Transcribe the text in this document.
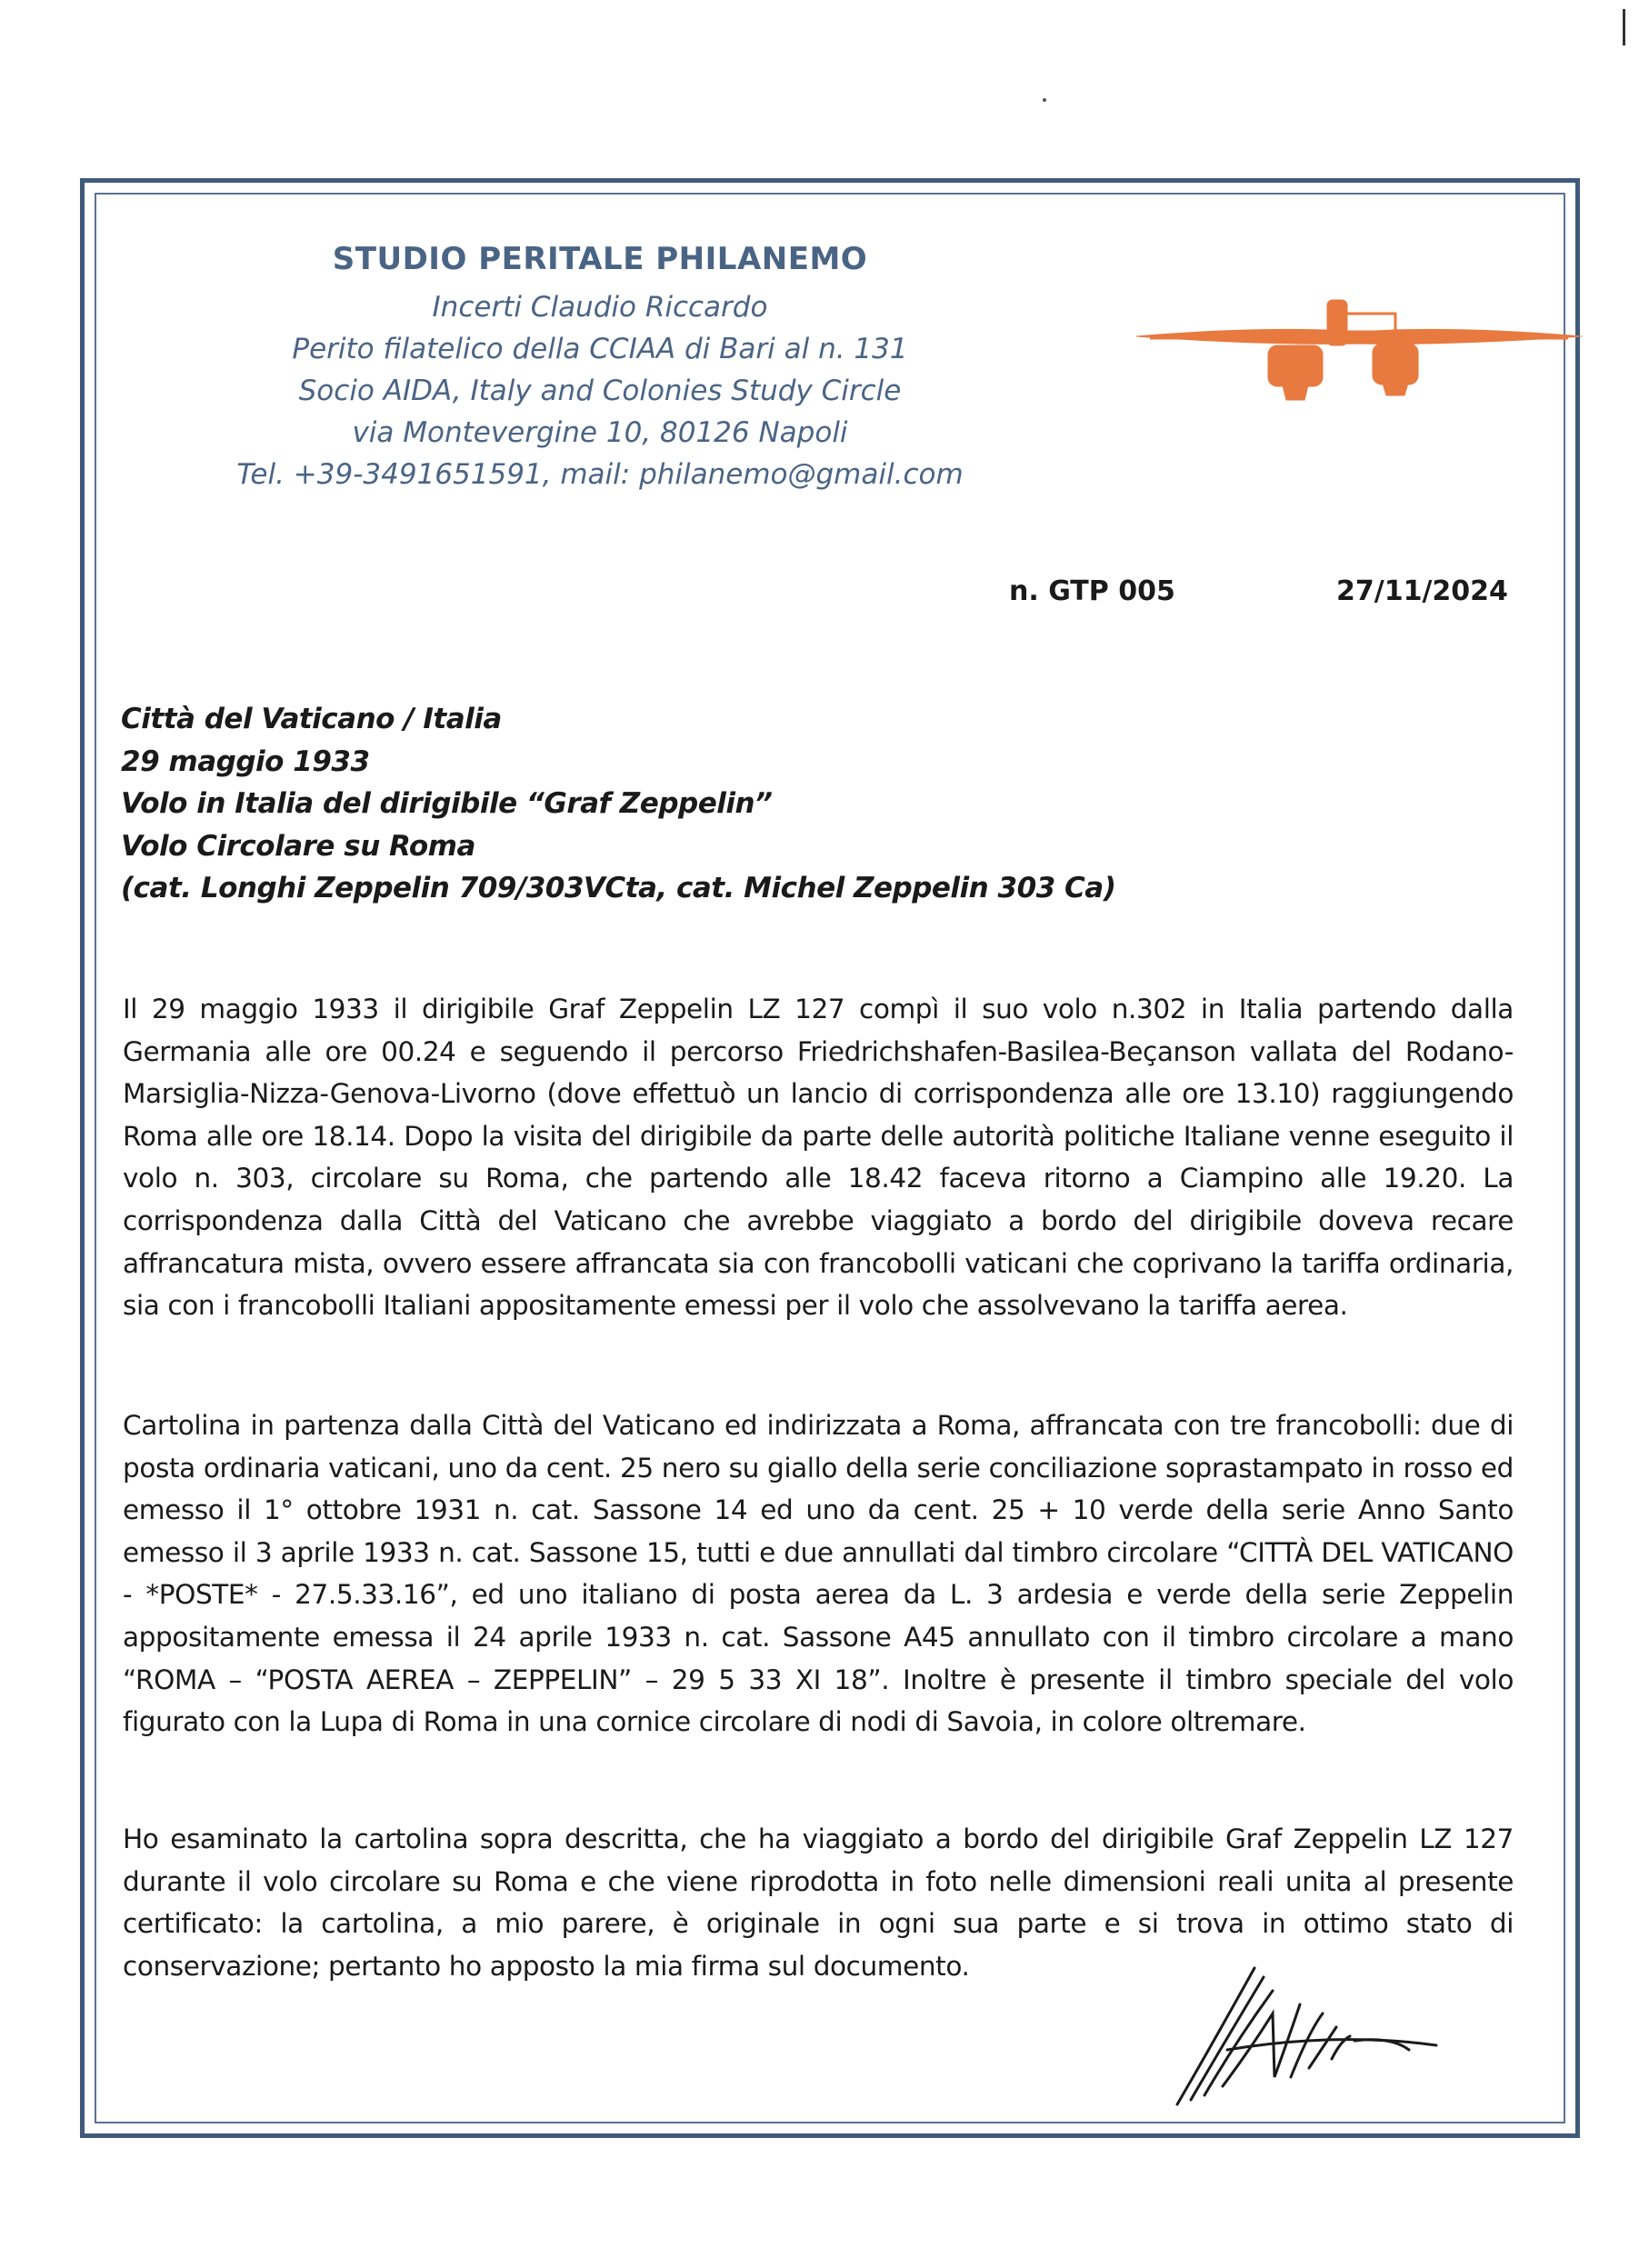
STUDIO PERITALE PHILANEMO
Incerti Claudio Riccardo
Perito filatelico della CCIAA di Bari al n. 131
Socio AIDA, Italy and Colonies Study Circle
via Montevergine 10, 80126 Napoli
Tel. +39-3491651591, mail: philanemo@gmail.com
n. GTP 005	27/11/2024
Città del Vaticano / Italia
29 maggio 1933
Volo in Italia del dirigibile “Graf Zeppelin”
Volo Circolare su Roma
(cat. Longhi Zeppelin 709/303VCta, cat. Michel Zeppelin 303 Ca)

Il 29 maggio 1933 il dirigibile Graf Zeppelin LZ 127 compì il suo volo n.302 in Italia partendo dalla Germania alle ore 00.24 e seguendo il percorso Friedrichshafen-Basilea-Beçanson vallata del Rodano-Marsiglia-Nizza-Genova-Livorno (dove effettuò un lancio di corrispondenza alle ore 13.10) raggiungendo Roma alle ore 18.14. Dopo la visita del dirigibile da parte delle autorità politiche Italiane venne eseguito il volo n. 303, circolare su Roma, che partendo alle 18.42 faceva ritorno a Ciampino alle 19.20. La corrispondenza dalla Città del Vaticano che avrebbe viaggiato a bordo del dirigibile doveva recare affrancatura mista, ovvero essere affrancata sia con francobolli vaticani che coprivano la tariffa ordinaria, sia con i francobolli Italiani appositamente emessi per il volo che assolvevano la tariffa aerea.

Cartolina in partenza dalla Città del Vaticano ed indirizzata a Roma, affrancata con tre francobolli: due di posta ordinaria vaticani, uno da cent. 25 nero su giallo della serie conciliazione soprastampato in rosso ed emesso il 1° ottobre 1931 n. cat. Sassone 14 ed uno da cent. 25 + 10 verde della serie Anno Santo emesso il 3 aprile 1933 n. cat. Sassone 15, tutti e due annullati dal timbro circolare “CITTÀ DEL VATICANO - *POSTE* - 27.5.33.16”, ed uno italiano di posta aerea da L. 3 ardesia e verde della serie Zeppelin appositamente emessa il 24 aprile 1933 n. cat. Sassone A45 annullato con il timbro circolare a mano “ROMA – “POSTA AEREA – ZEPPELIN” – 29 5 33 XI 18”. Inoltre è presente il timbro speciale del volo figurato con la Lupa di Roma in una cornice circolare di nodi di Savoia, in colore oltremare.

Ho esaminato la cartolina sopra descritta, che ha viaggiato a bordo del dirigibile Graf Zeppelin LZ 127 durante il volo circolare su Roma e che viene riprodotta in foto nelle dimensioni reali unita al presente certificato: la cartolina, a mio parere, è originale in ogni sua parte e si trova in ottimo stato di conservazione; pertanto ho apposto la mia firma sul documento.
